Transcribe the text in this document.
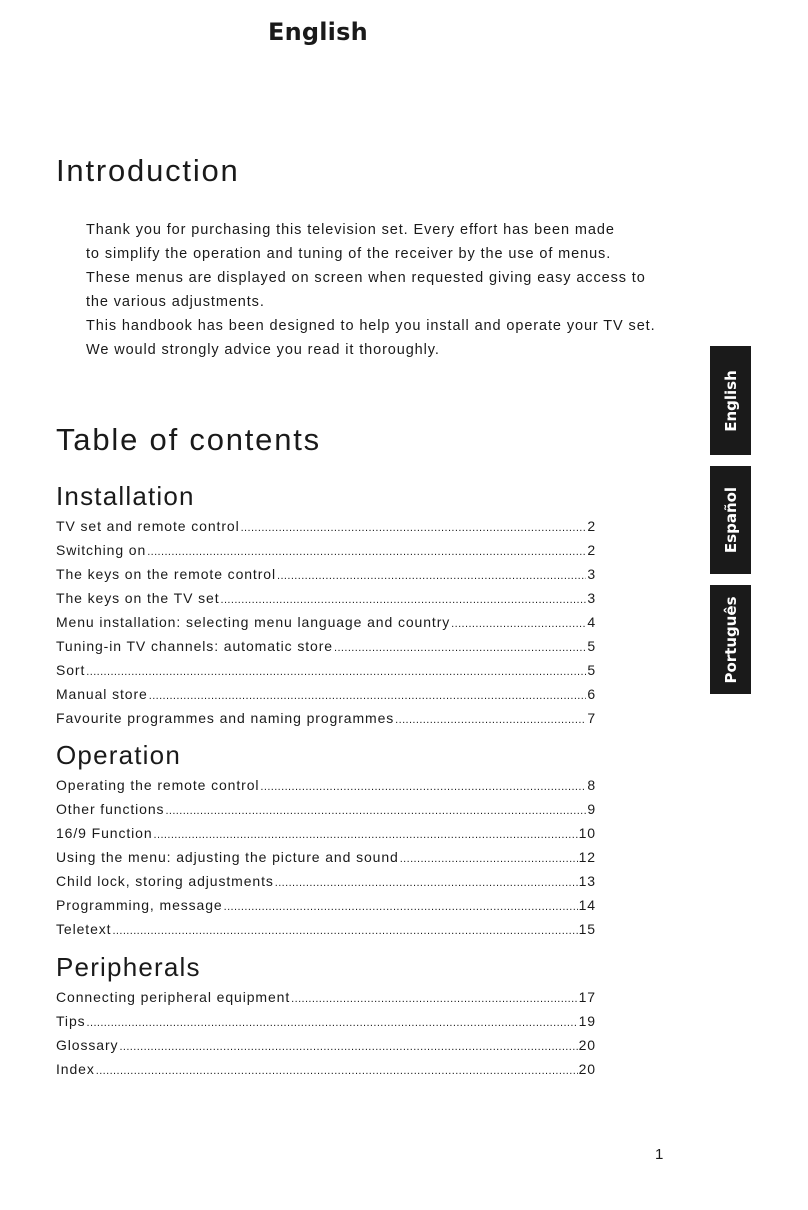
English
Introduction
Thank you for purchasing this television set. Every effort has been made
to simplify the operation and tuning of the receiver by the use of menus.
These menus are displayed on screen when requested giving easy access to
the various adjustments.
This handbook has been designed to help you install and operate your TV set.
We would strongly advice you read it thoroughly.
Table of contents
Installation
TV set and remote control .....	2
Switching on .....	2
The keys on the remote control .....	3
The keys on the TV set .....	3
Menu installation: selecting menu language and country .....	4
Tuning-in TV channels: automatic store .....	5
Sort .....	5
Manual store .....	6
Favourite programmes and naming programmes .....	7
Operation
Operating the remote control .....	8
Other functions .....	9
16/9 Function .....	10
Using the menu: adjusting the picture and sound .....	12
Child lock, storing adjustments .....	13
Programming, message .....	14
Teletext .....	15
Peripherals
Connecting peripheral equipment .....	17
Tips .....	19
Glossary .....	20
Index .....	20
English
Español
Português
1
